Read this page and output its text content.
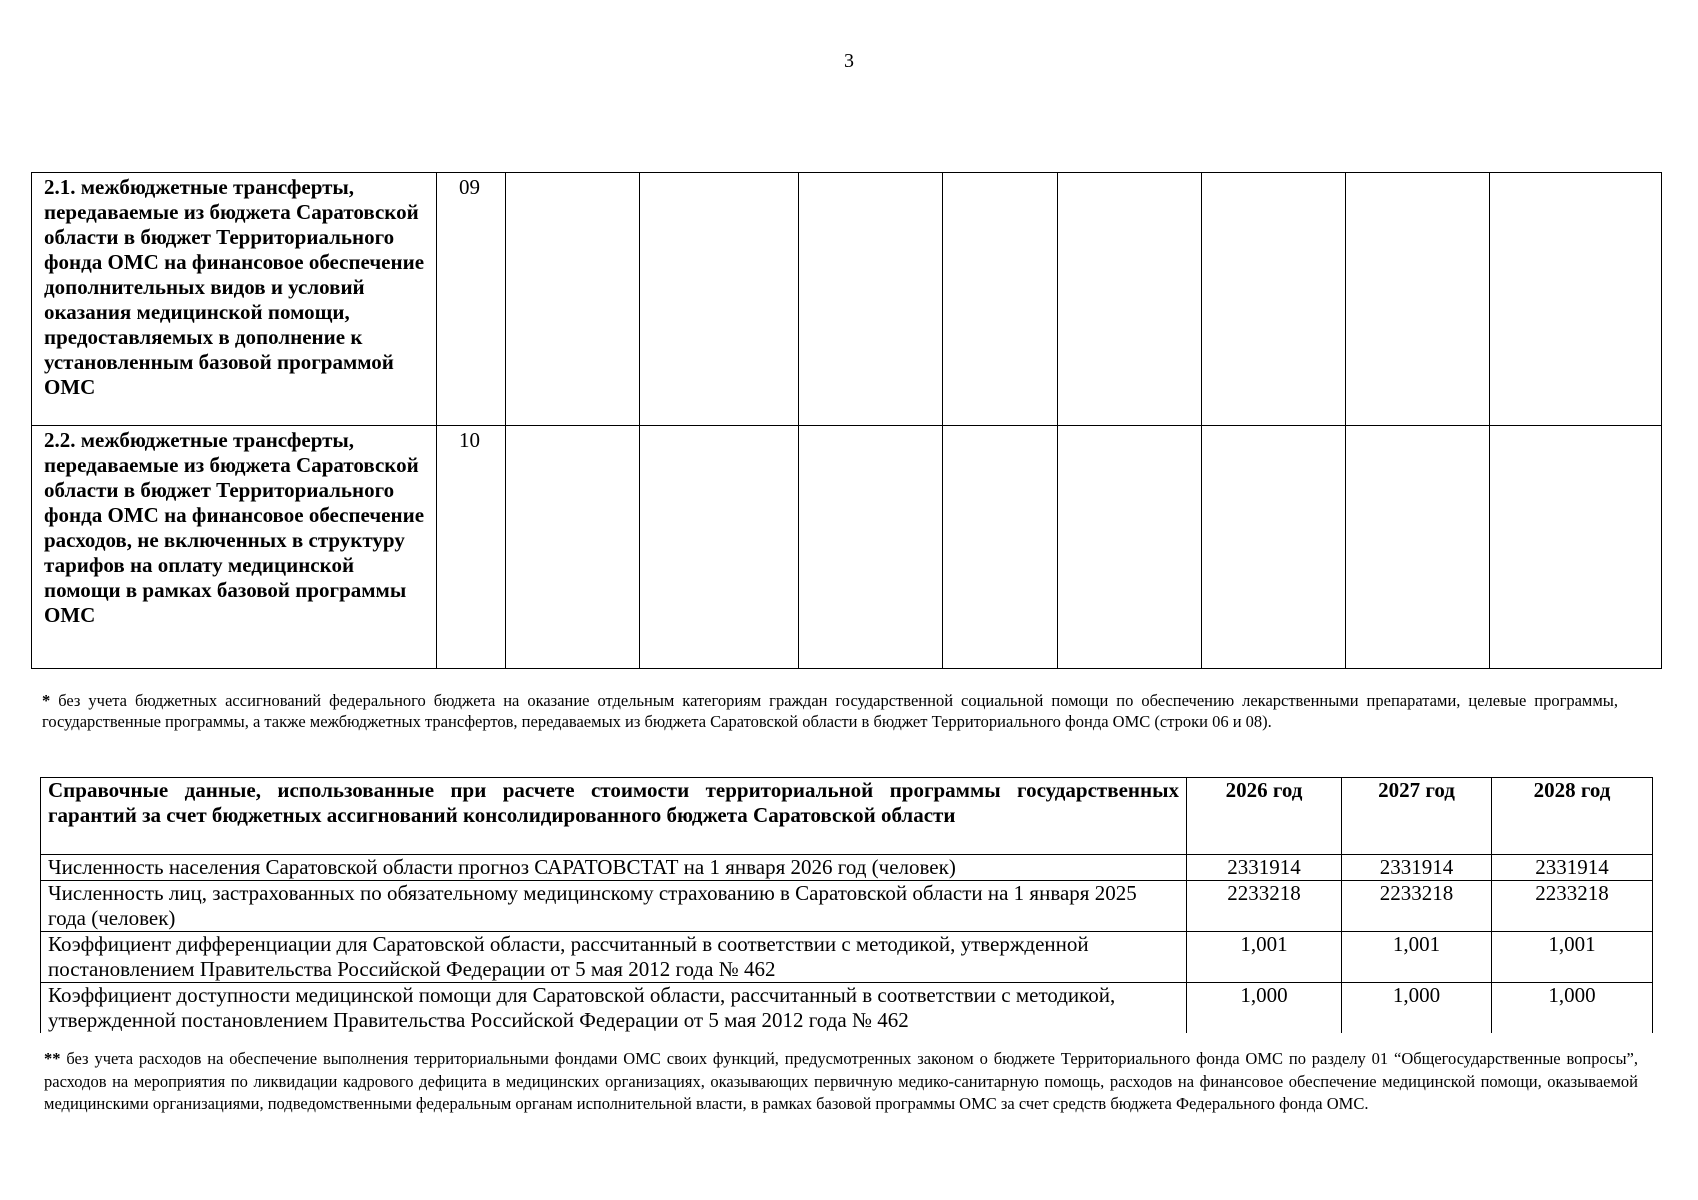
3
2.1. межбюджетные трансферты, передаваемые из бюджета Саратовской области в бюджет Территориального фонда ОМС на финансовое обеспечение дополнительных видов и условий оказания медицинской помощи, предоставляемых в дополнение к установленным базовой программой ОМС	09								
2.2. межбюджетные трансферты, передаваемые из бюджета Саратовской области в бюджет Территориального фонда ОМС на финансовое обеспечение расходов, не включенных в структуру тарифов на оплату медицинской помощи в рамках базовой программы ОМС	10								
* без учета бюджетных ассигнований федерального бюджета на оказание отдельным категориям граждан государственной социальной помощи по обеспечению лекарственными препаратами, целевые программы, государственные программы, а также межбюджетных трансфертов, передаваемых из бюджета Саратовской области в бюджет Территориального фонда ОМС (строки 06 и 08).
Справочные данные, использованные при расчете стоимости территориальной программы государственных гарантий за счет бюджетных ассигнований консолидированного бюджета Саратовской области	2026 год	2027 год	2028 год
Численность населения Саратовской области прогноз САРАТОВСТАТ на 1 января 2026 год (человек)	2331914	2331914	2331914
Численность лиц, застрахованных по обязательному медицинскому страхованию в Саратовской области на 1 января 2025 года (человек)	2233218	2233218	2233218
Коэффициент дифференциации для Саратовской области, рассчитанный в соответствии с методикой, утвержденной постановлением Правительства Российской Федерации от 5 мая 2012 года № 462	1,001	1,001	1,001
Коэффициент доступности медицинской помощи для Саратовской области, рассчитанный в соответствии с методикой, утвержденной постановлением Правительства Российской Федерации от 5 мая 2012 года № 462	1,000	1,000	1,000
** без учета расходов на обеспечение выполнения территориальными фондами ОМС своих функций, предусмотренных законом о бюджете Территориального фонда ОМС по разделу 01 “Общегосударственные вопросы”, расходов на мероприятия по ликвидации кадрового дефицита в медицинских организациях, оказывающих первичную медико-санитарную помощь, расходов на финансовое обеспечение медицинской помощи, оказываемой медицинскими организациями, подведомственными федеральным органам исполнительной власти, в рамках базовой программы ОМС за счет средств бюджета Федерального фонда ОМС.
